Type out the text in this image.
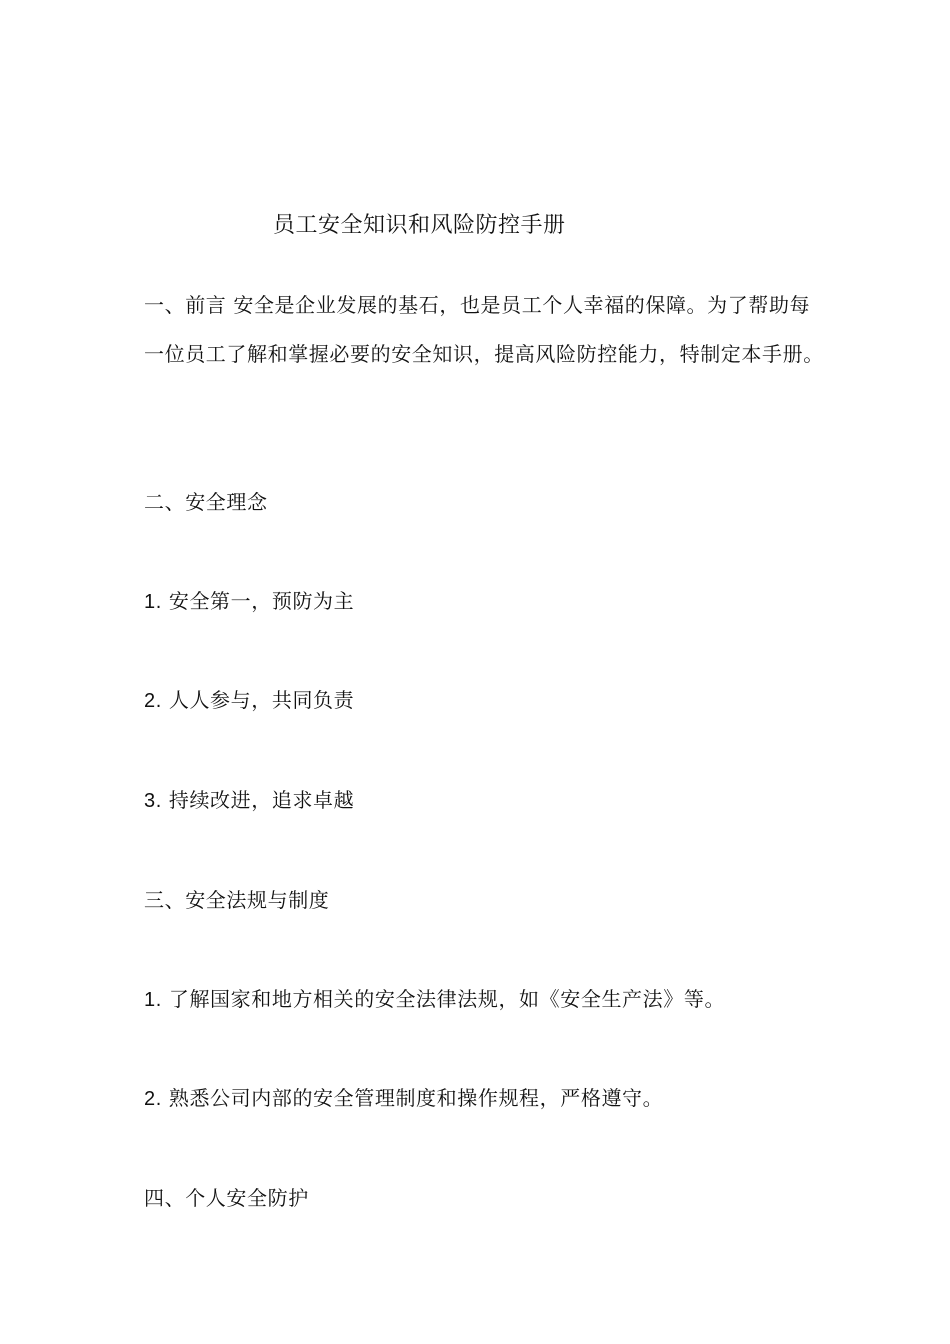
员工安全知识和风险防控手册
一、前言 安全是企业发展的基石，也是员工个人幸福的保障。为了帮助每一位员工了解和掌握必要的安全知识，提高风险防控能力，特制定本手册。
二、安全理念
1. 安全第一，预防为主
2. 人人参与，共同负责
3. 持续改进，追求卓越
三、安全法规与制度
1. 了解国家和地方相关的安全法律法规，如《安全生产法》等。
2. 熟悉公司内部的安全管理制度和操作规程，严格遵守。
四、个人安全防护
